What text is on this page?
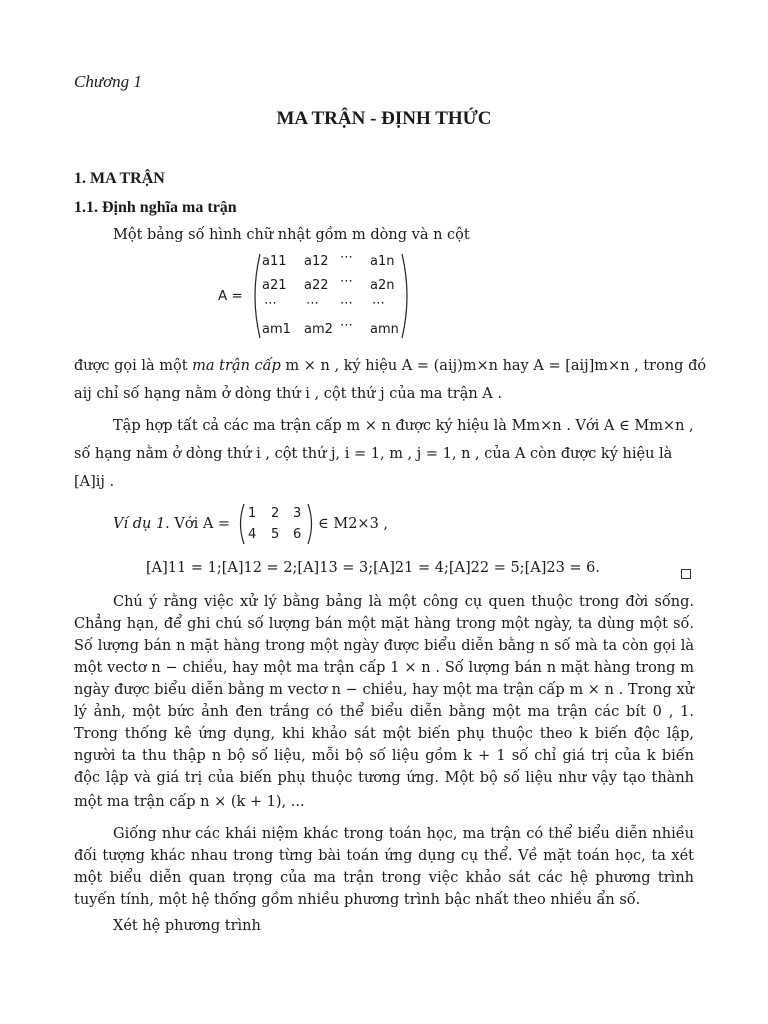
Chương 1
MA TRẬN - ĐỊNH THỨC
1. MA TRẬN
1.1. Định nghĩa ma trận
Một bảng số hình chữ nhật gồm m dòng và n cột
A =
a11 a12 ⋯ a1n
a21 a22 ⋯ a2n
⋯ ⋯ ⋯ ⋯
am1 am2 ⋯ amn
được gọi là một ma trận cấp m × n , ký hiệu A = (aij)m×n hay A = [aij]m×n , trong đó
aij chỉ số hạng nằm ở dòng thứ i , cột thứ j của ma trận A .
Tập hợp tất cả các ma trận cấp m × n được ký hiệu là Mm×n . Với A ∈ Mm×n ,
số hạng nằm ở dòng thứ i , cột thứ j, i = 1, m , j = 1, n , của A còn được ký hiệu là
[A]ij .
Ví dụ 1. Với A =
1 2 3
4 5 6
∈ M2×3 ,
[A]11 = 1;[A]12 = 2;[A]13 = 3;[A]21 = 4;[A]22 = 5;[A]23 = 6.
Chú ý rằng việc xử lý bằng bảng là một công cụ quen thuộc trong đời sống.
Chẳng hạn, để ghi chú số lượng bán một mặt hàng trong một ngày, ta dùng một số.
Số lượng bán n mặt hàng trong một ngày được biểu diễn bằng n số mà ta còn gọi là
một vectơ n − chiều, hay một ma trận cấp 1 × n . Số lượng bán n mặt hàng trong m
ngày được biểu diễn bằng m vectơ n − chiều, hay một ma trận cấp m × n . Trong xử
lý ảnh, một bức ảnh đen trắng có thể biểu diễn bằng một ma trận các bít 0 , 1.
Trong thống kê ứng dụng, khi khảo sát một biến phụ thuộc theo k biến độc lập,
người ta thu thập n bộ số liệu, mỗi bộ số liệu gồm k + 1 số chỉ giá trị của k biến
độc lập và giá trị của biến phụ thuộc tương ứng. Một bộ số liệu như vậy tạo thành
một ma trận cấp n × (k + 1), ...
Giống như các khái niệm khác trong toán học, ma trận có thể biểu diễn nhiều
đối tượng khác nhau trong từng bài toán ứng dụng cụ thể. Về mặt toán học, ta xét
một biểu diễn quan trọng của ma trận trong việc khảo sát các hệ phương trình
tuyến tính, một hệ thống gồm nhiều phương trình bậc nhất theo nhiều ẩn số.
Xét hệ phương trình
